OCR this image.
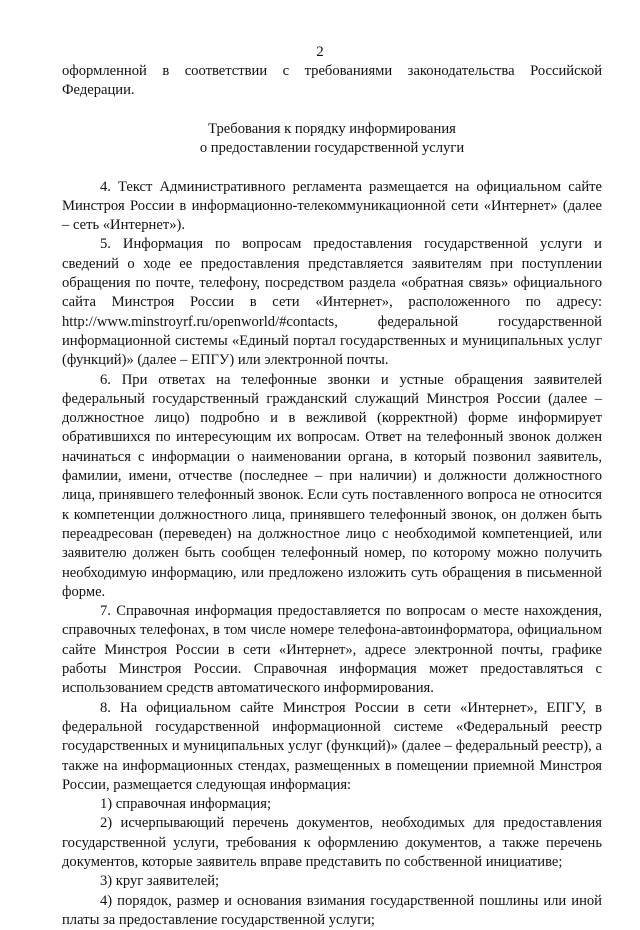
2

оформленной в соответствии с требованиями законодательства Российской Федерации.

Требования к порядку информирования
о предоставлении государственной услуги

4. Текст Административного регламента размещается на официальном сайте Минстроя России в информационно-телекоммуникационной сети «Интернет» (далее – сеть «Интернет»).

5. Информация по вопросам предоставления государственной услуги и сведений о ходе ее предоставления представляется заявителям при поступлении обращения по почте, телефону, посредством раздела «обратная связь» официального сайта Минстроя России в сети «Интернет», расположенного по адресу: http://www.minstroyrf.ru/openworld/#contacts, федеральной государственной информационной системы «Единый портал государственных и муниципальных услуг (функций)» (далее – ЕПГУ) или электронной почты.

6. При ответах на телефонные звонки и устные обращения заявителей федеральный государственный гражданский служащий Минстроя России (далее – должностное лицо) подробно и в вежливой (корректной) форме информирует обратившихся по интересующим их вопросам. Ответ на телефонный звонок должен начинаться с информации о наименовании органа, в который позвонил заявитель, фамилии, имени, отчестве (последнее – при наличии) и должности должностного лица, принявшего телефонный звонок. Если суть поставленного вопроса не относится к компетенции должностного лица, принявшего телефонный звонок, он должен быть переадресован (переведен) на должностное лицо с необходимой компетенцией, или заявителю должен быть сообщен телефонный номер, по которому можно получить необходимую информацию, или предложено изложить суть обращения в письменной форме.

7. Справочная информация предоставляется по вопросам о месте нахождения, справочных телефонах, в том числе номере телефона-автоинформатора, официальном сайте Минстроя России в сети «Интернет», адресе электронной почты, графике работы Минстроя России. Справочная информация может предоставляться с использованием средств автоматического информирования.

8. На официальном сайте Минстроя России в сети «Интернет», ЕПГУ, в федеральной государственной информационной системе «Федеральный реестр государственных и муниципальных услуг (функций)» (далее – федеральный реестр), а также на информационных стендах, размещенных в помещении приемной Минстроя России, размещается следующая информация:

1) справочная информация;

2) исчерпывающий перечень документов, необходимых для предоставления государственной услуги, требования к оформлению документов, а также перечень документов, которые заявитель вправе представить по собственной инициативе;

3) круг заявителей;

4) порядок, размер и основания взимания государственной пошлины или иной платы за предоставление государственной услуги;
